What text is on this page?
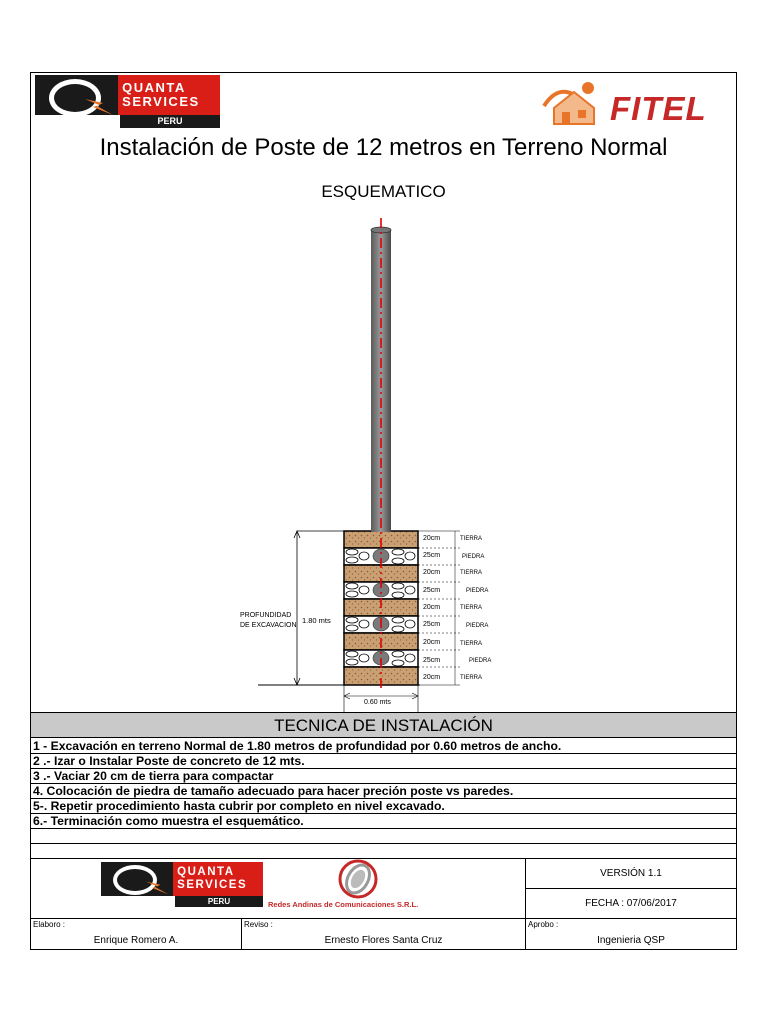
QUANTA
SERVICES
PERU	FITEL
Instalación de Poste de 12 metros en Terreno Normal
ESQUEMATICO
PROFUNDIDAD
DE EXCAVACION
1.80 mts
0.60 mts
20cm	TIERRA
25cm	PIEDRA
20cm	TIERRA
25cm	PIEDRA
20cm	TIERRA
25cm	PIEDRA
20cm	TIERRA
25cm	PIEDRA
20cm	TIERRA
TECNICA DE INSTALACIÓN
1 - Excavación en terreno Normal de 1.80 metros de profundidad por 0.60 metros de ancho.
2 .- Izar o Instalar Poste de concreto de 12 mts.
3 .- Vaciar 20 cm de tierra para compactar
4. Colocación de piedra de tamaño adecuado para hacer preción poste vs paredes.
5-. Repetir procedimiento hasta cubrir por completo en nivel excavado.
6.- Terminación como muestra el esquemático.
QUANTA
SERVICES
PERU	Redes Andinas de Comunicaciones S.R.L.
VERSIÓN 1.1
FECHA : 07/06/2017
Elaboro :
Enrique Romero A.
Reviso :
Ernesto Flores Santa Cruz
Aprobo :
Ingenieria QSP
